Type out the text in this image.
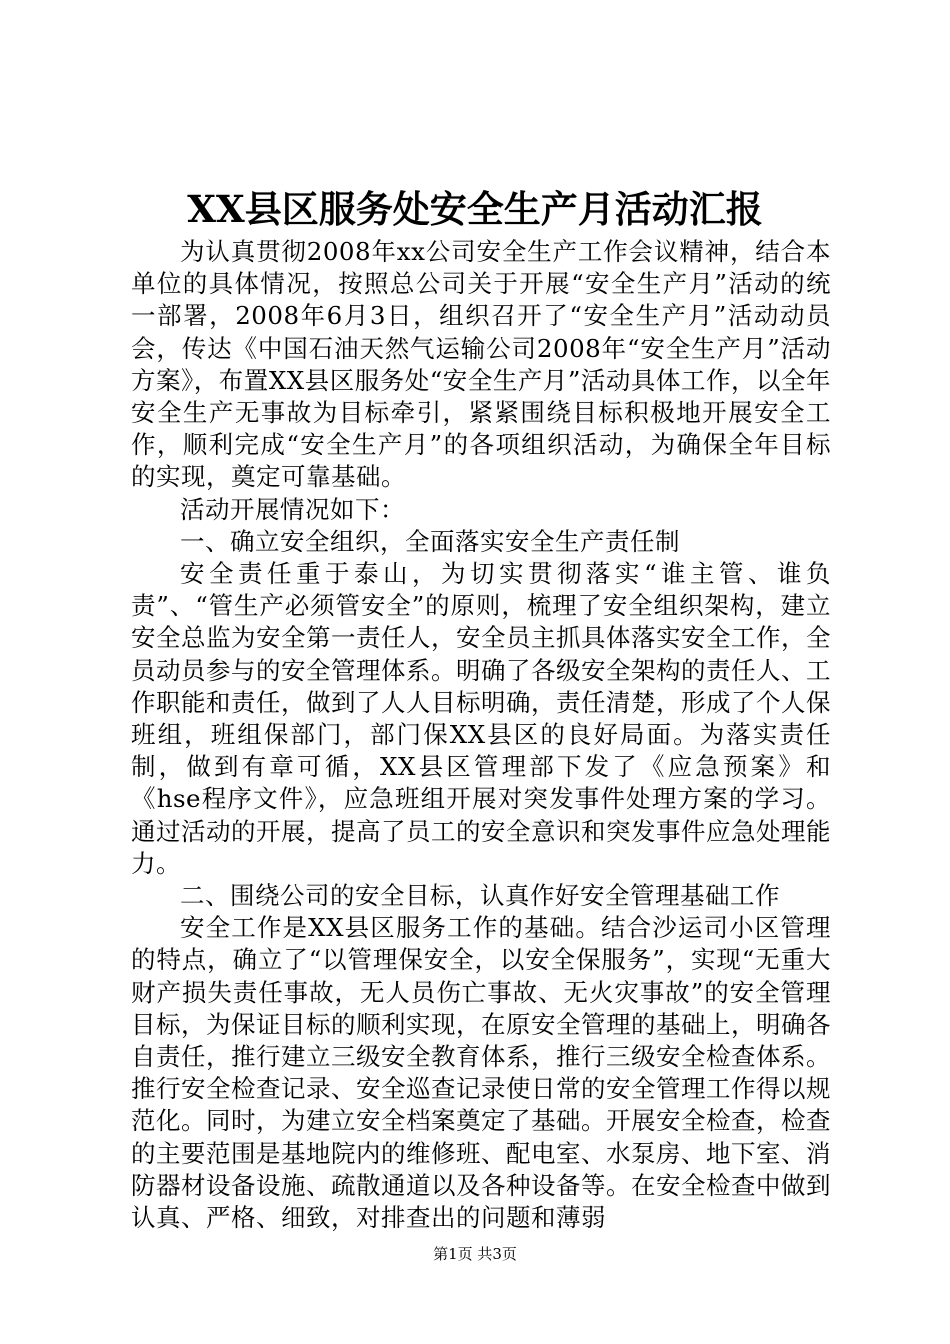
XX县区服务处安全生产月活动汇报

为认真贯彻2008年xx公司安全生产工作会议精神，结合本单位的具体情况，按照总公司关于开展“安全生产月”活动的统一部署，2008年6月3日，组织召开了“安全生产月”活动动员会，传达《中国石油天然气运输公司2008年“安全生产月”活动方案》，布置XX县区服务处“安全生产月”活动具体工作，以全年安全生产无事故为目标牵引，紧紧围绕目标积极地开展安全工作，顺利完成“安全生产月”的各项组织活动，为确保全年目标的实现，奠定可靠基础。

活动开展情况如下：

一、确立安全组织，全面落实安全生产责任制

安全责任重于泰山，为切实贯彻落实“谁主管、谁负责”、“管生产必须管安全”的原则，梳理了安全组织架构，建立安全总监为安全第一责任人，安全员主抓具体落实安全工作，全员动员参与的安全管理体系。明确了各级安全架构的责任人、工作职能和责任，做到了人人目标明确，责任清楚，形成了个人保班组，班组保部门，部门保XX县区的良好局面。为落实责任制，做到有章可循，XX县区管理部下发了《应急预案》和《hse程序文件》，应急班组开展对突发事件处理方案的学习。通过活动的开展，提高了员工的安全意识和突发事件应急处理能力。

二、围绕公司的安全目标，认真作好安全管理基础工作

安全工作是XX县区服务工作的基础。结合沙运司小区管理的特点，确立了“以管理保安全，以安全保服务”，实现“无重大财产损失责任事故，无人员伤亡事故、无火灾事故”的安全管理目标，为保证目标的顺利实现，在原安全管理的基础上，明确各自责任，推行建立三级安全教育体系，推行三级安全检查体系。推行安全检查记录、安全巡查记录使日常的安全管理工作得以规范化。同时，为建立安全档案奠定了基础。开展安全检查，检查的主要范围是基地院内的维修班、配电室、水泵房、地下室、消防器材设备设施、疏散通道以及各种设备等。在安全检查中做到认真、严格、细致，对排查出的问题和薄弱

第1页 共3页
